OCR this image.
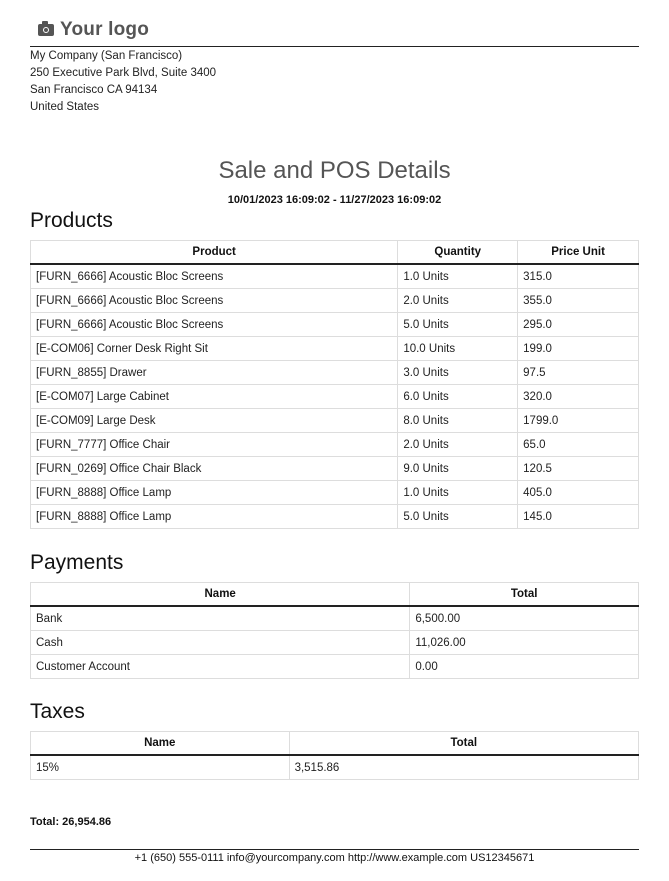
Your logo
My Company (San Francisco)
250 Executive Park Blvd, Suite 3400
San Francisco CA 94134
United States
Sale and POS Details
10/01/2023 16:09:02 - 11/27/2023 16:09:02
Products
Product	Quantity	Price Unit
[FURN_6666] Acoustic Bloc Screens	1.0 Units	315.0
[FURN_6666] Acoustic Bloc Screens	2.0 Units	355.0
[FURN_6666] Acoustic Bloc Screens	5.0 Units	295.0
[E-COM06] Corner Desk Right Sit	10.0 Units	199.0
[FURN_8855] Drawer	3.0 Units	97.5
[E-COM07] Large Cabinet	6.0 Units	320.0
[E-COM09] Large Desk	8.0 Units	1799.0
[FURN_7777] Office Chair	2.0 Units	65.0
[FURN_0269] Office Chair Black	9.0 Units	120.5
[FURN_8888] Office Lamp	1.0 Units	405.0
[FURN_8888] Office Lamp	5.0 Units	145.0
Payments
Name	Total
Bank	6,500.00
Cash	11,026.00
Customer Account	0.00
Taxes
Name	Total
15%	3,515.86
Total: 26,954.86
+1 (650) 555-0111 info@yourcompany.com http://www.example.com US12345671
